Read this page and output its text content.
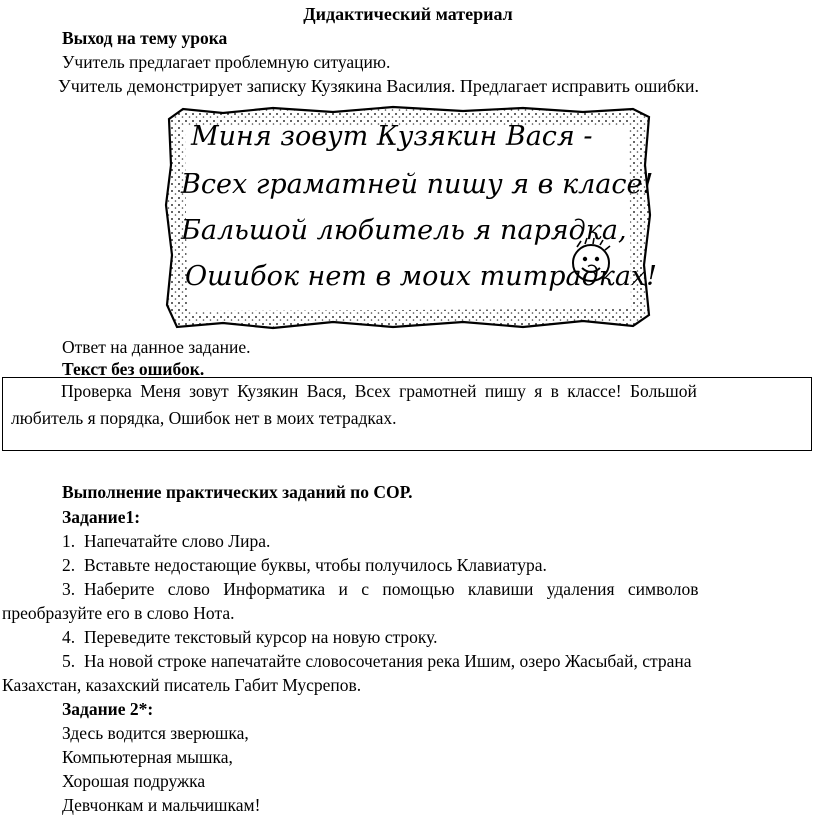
Дидактический материал
Выход на тему урока
Учитель предлагает проблемную ситуацию.
Учитель демонстрирует записку Кузякина Василия. Предлагает исправить ошибки.
Миня зовут Кузякин Вася -
Всех граматней пишу я в класе!
Бальшой любитель я парядка,
Ошибок нет в моих титрадках!
Ответ на данное задание.
Текст без ошибок.
Проверка Меня зовут Кузякин Вася, Всех грамотней пишу я в классе! Большой
любитель я порядка, Ошибок нет в моих тетрадках.
Выполнение практических заданий по СОР.
Задание1:
1. Напечатайте слово Лира.
2. Вставьте недостающие буквы, чтобы получилось Клавиатура.
3. Наберите слово Информатика и с помощью клавиши удаления символов
преобразуйте его в слово Нота.
4. Переведите текстовый курсор на новую строку.
5. На новой строке напечатайте словосочетания река Ишим, озеро Жасыбай, страна
Казахстан, казахский писатель Габит Мусрепов.
Задание 2*:
Здесь водится зверюшка,
Компьютерная мышка,
Хорошая подружка
Девчонкам и мальчишкам!
